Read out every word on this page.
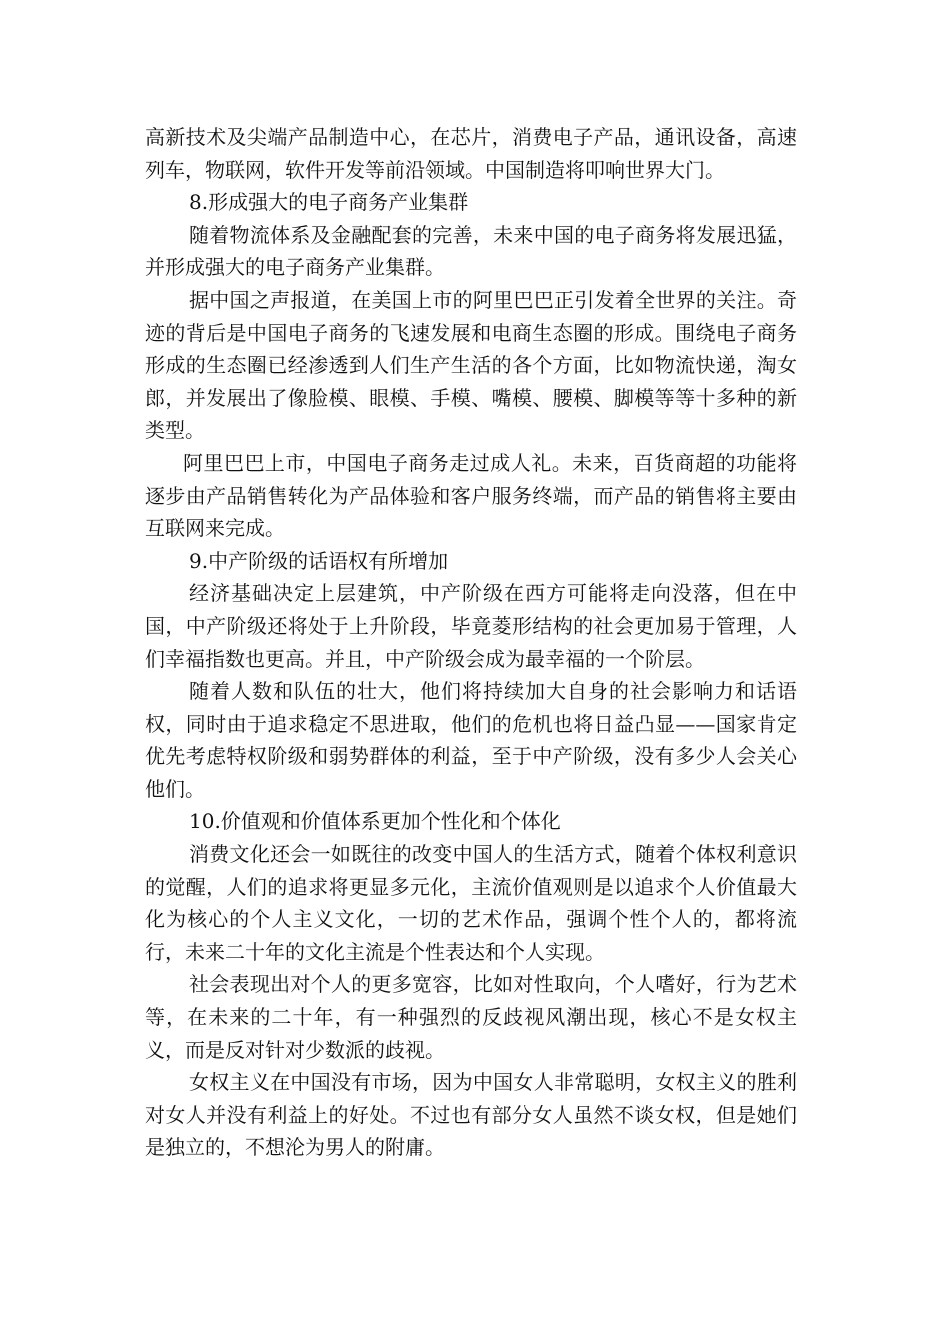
高新技术及尖端产品制造中心，在芯片，消费电子产品，通讯设备，高速列车，物联网，软件开发等前沿领域。中国制造将叩响世界大门。

8.形成强大的电子商务产业集群

随着物流体系及金融配套的完善，未来中国的电子商务将发展迅猛，并形成强大的电子商务产业集群。

据中国之声报道，在美国上市的阿里巴巴正引发着全世界的关注。奇迹的背后是中国电子商务的飞速发展和电商生态圈的形成。围绕电子商务形成的生态圈已经渗透到人们生产生活的各个方面，比如物流快递，淘女郎，并发展出了像脸模、眼模、手模、嘴模、腰模、脚模等等十多种的新类型。

阿里巴巴上市，中国电子商务走过成人礼。未来，百货商超的功能将逐步由产品销售转化为产品体验和客户服务终端，而产品的销售将主要由互联网来完成。

9.中产阶级的话语权有所增加

经济基础决定上层建筑，中产阶级在西方可能将走向没落，但在中国，中产阶级还将处于上升阶段，毕竟菱形结构的社会更加易于管理，人们幸福指数也更高。并且，中产阶级会成为最幸福的一个阶层。

随着人数和队伍的壮大，他们将持续加大自身的社会影响力和话语权，同时由于追求稳定不思进取，他们的危机也将日益凸显——国家肯定优先考虑特权阶级和弱势群体的利益，至于中产阶级，没有多少人会关心他们。

10.价值观和价值体系更加个性化和个体化

消费文化还会一如既往的改变中国人的生活方式，随着个体权利意识的觉醒，人们的追求将更显多元化，主流价值观则是以追求个人价值最大化为核心的个人主义文化，一切的艺术作品，强调个性个人的，都将流行，未来二十年的文化主流是个性表达和个人实现。

社会表现出对个人的更多宽容，比如对性取向，个人嗜好，行为艺术等，在未来的二十年，有一种强烈的反歧视风潮出现，核心不是女权主义，而是反对针对少数派的歧视。

女权主义在中国没有市场，因为中国女人非常聪明，女权主义的胜利对女人并没有利益上的好处。不过也有部分女人虽然不谈女权，但是她们是独立的，不想沦为男人的附庸。
